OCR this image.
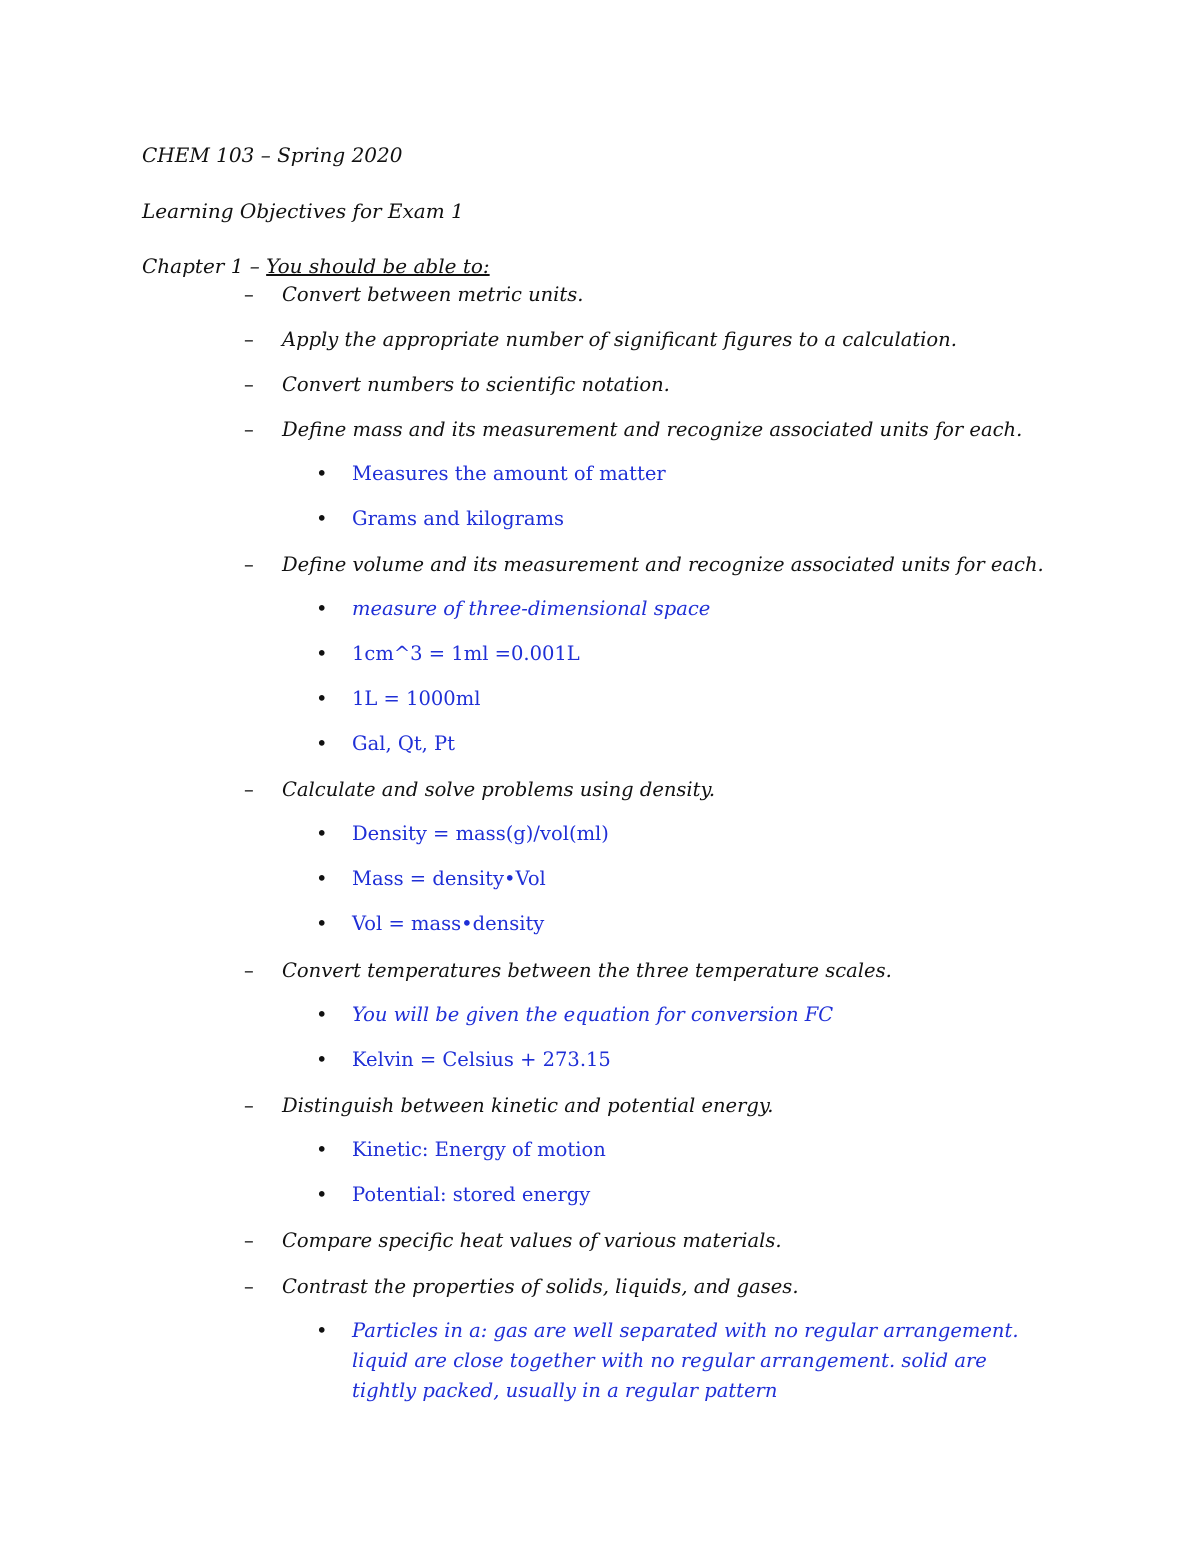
CHEM 103 – Spring 2020
Learning Objectives for Exam 1
Chapter 1 – You should be able to:
– Convert between metric units.
– Apply the appropriate number of significant figures to a calculation.
– Convert numbers to scientific notation.
– Define mass and its measurement and recognize associated units for each.
• Measures the amount of matter
• Grams and kilograms
– Define volume and its measurement and recognize associated units for each.
• measure of three-dimensional space
• 1cm^3 = 1ml =0.001L
• 1L = 1000ml
• Gal, Qt, Pt
– Calculate and solve problems using density.
• Density = mass(g)/vol(ml)
• Mass = density•Vol
• Vol = mass•density
– Convert temperatures between the three temperature scales.
• You will be given the equation for conversion FC
• Kelvin = Celsius + 273.15
– Distinguish between kinetic and potential energy.
• Kinetic: Energy of motion
• Potential: stored energy
– Compare specific heat values of various materials.
– Contrast the properties of solids, liquids, and gases.
• Particles in a: gas are well separated with no regular arrangement. liquid are close together with no regular arrangement. solid are tightly packed, usually in a regular pattern
